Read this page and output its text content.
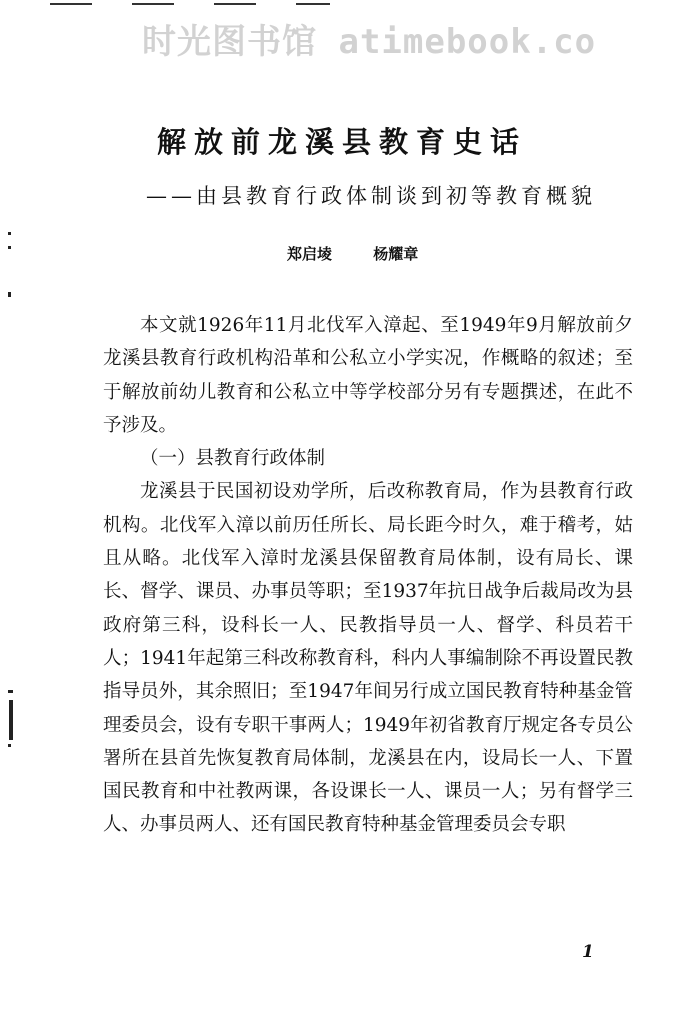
时光图书馆 atimebook.co
解放前龙溪县教育史话
——由县教育行政体制谈到初等教育概貌
郑启堎	杨耀章

本文就1926年11月北伐军入漳起、至1949年9月解放前夕龙溪县教育行政机构沿革和公私立小学实况，作概略的叙述；至于解放前幼儿教育和公私立中等学校部分另有专题撰述，在此不予涉及。

（一）县教育行政体制

龙溪县于民国初设劝学所，后改称教育局，作为县教育行政机构。北伐军入漳以前历任所长、局长距今时久，难于稽考，姑且从略。北伐军入漳时龙溪县保留教育局体制，设有局长、课长、督学、课员、办事员等职；至1937年抗日战争后裁局改为县政府第三科，设科长一人、民教指导员一人、督学、科员若干人；1941年起第三科改称教育科，科内人事编制除不再设置民教指导员外，其余照旧；至1947年间另行成立国民教育特种基金管理委员会，设有专职干事两人；1949年初省教育厅规定各专员公署所在县首先恢复教育局体制，龙溪县在内，设局长一人、下置国民教育和中社教两课，各设课长一人、课员一人；另有督学三人、办事员两人、还有国民教育特种基金管理委员会专职

1
